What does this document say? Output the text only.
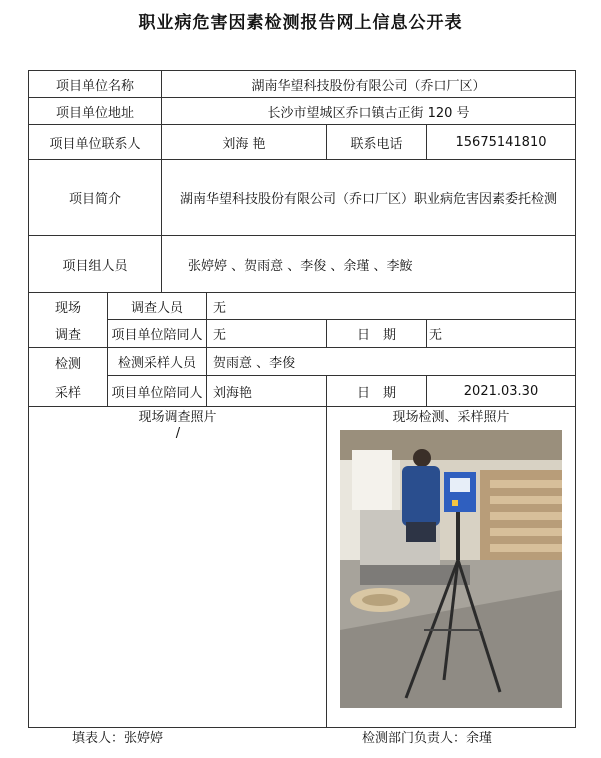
职业病危害因素检测报告网上信息公开表
项目单位名称	湖南华望科技股份有限公司（乔口厂区）
项目单位地址	长沙市望城区乔口镇古正街 120 号
项目单位联系人	刘海 艳	联系电话	15675141810
项目简介	湖南华望科技股份有限公司（乔口厂区）职业病危害因素委托检测
项目组人员	张婷婷 、贺雨意 、李俊 、余瑾 、李鮟
现场
调查
调查人员	无
项目单位陪同人 无	日　期	无
检测
采样
检测采样人员	贺雨意 、李俊
项目单位陪同人 刘海艳	日　期	2021.03.30
现场调查照片
/
现场检测、采样照片
填表人：张婷婷	检测部门负责人：余瑾
